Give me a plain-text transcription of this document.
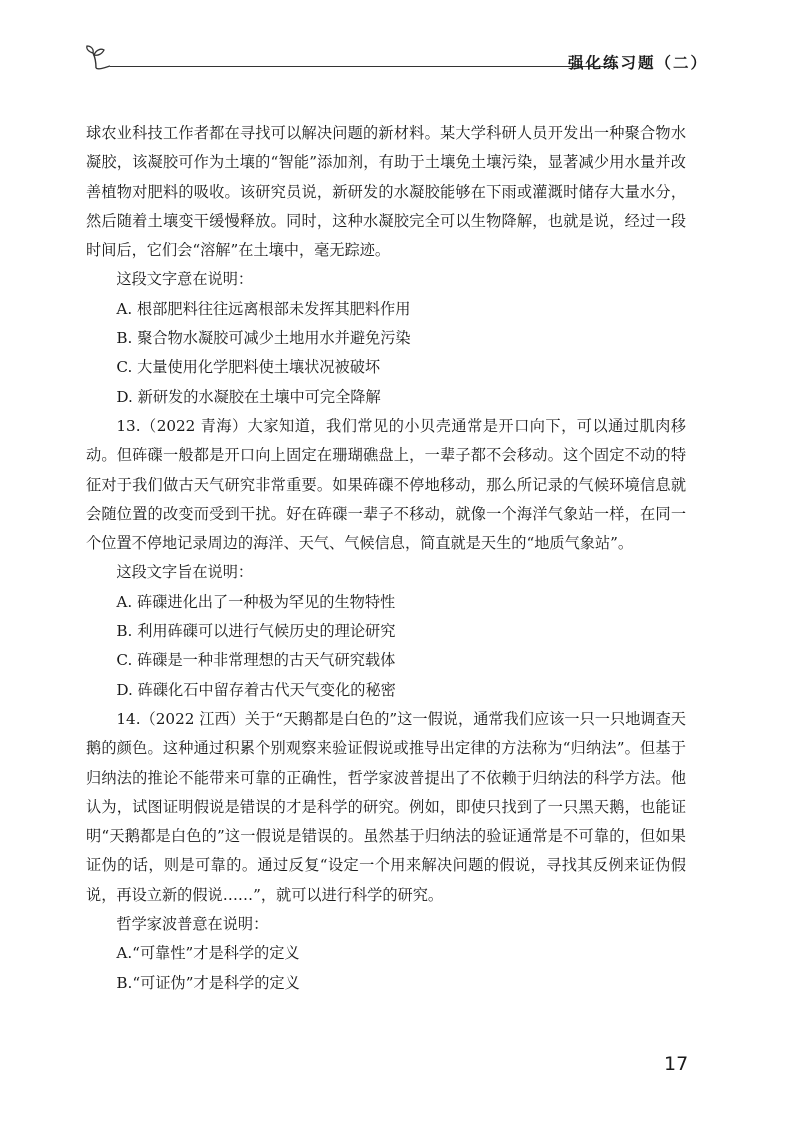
强化练习题（二）

球农业科技工作者都在寻找可以解决问题的新材料。某大学科研人员开发出一种聚合物水凝胶，该凝胶可作为土壤的“智能”添加剂，有助于土壤免土壤污染，显著减少用水量并改善植物对肥料的吸收。该研究员说，新研发的水凝胶能够在下雨或灌溉时储存大量水分，然后随着土壤变干缓慢释放。同时，这种水凝胶完全可以生物降解，也就是说，经过一段时间后，它们会“溶解”在土壤中，毫无踪迹。

这段文字意在说明：

A. 根部肥料往往远离根部未发挥其肥料作用

B. 聚合物水凝胶可减少土地用水并避免污染

C. 大量使用化学肥料使土壤状况被破坏

D. 新研发的水凝胶在土壤中可完全降解

13.（2022 青海）大家知道，我们常见的小贝壳通常是开口向下，可以通过肌肉移动。但砗磲一般都是开口向上固定在珊瑚礁盘上，一辈子都不会移动。这个固定不动的特征对于我们做古天气研究非常重要。如果砗磲不停地移动，那么所记录的气候环境信息就会随位置的改变而受到干扰。好在砗磲一辈子不移动，就像一个海洋气象站一样，在同一个位置不停地记录周边的海洋、天气、气候信息，简直就是天生的“地质气象站”。

这段文字旨在说明：

A. 砗磲进化出了一种极为罕见的生物特性

B. 利用砗磲可以进行气候历史的理论研究

C. 砗磲是一种非常理想的古天气研究载体

D. 砗磲化石中留存着古代天气变化的秘密

14.（2022 江西）关于“天鹅都是白色的”这一假说，通常我们应该一只一只地调查天鹅的颜色。这种通过积累个别观察来验证假说或推导出定律的方法称为“归纳法”。但基于归纳法的推论不能带来可靠的正确性，哲学家波普提出了不依赖于归纳法的科学方法。他认为，试图证明假说是错误的才是科学的研究。例如，即使只找到了一只黑天鹅，也能证明“天鹅都是白色的”这一假说是错误的。虽然基于归纳法的验证通常是不可靠的，但如果证伪的话，则是可靠的。通过反复“设定一个用来解决问题的假说，寻找其反例来证伪假说，再设立新的假说……”，就可以进行科学的研究。

哲学家波普意在说明：

A.“可靠性”才是科学的定义

B.“可证伪”才是科学的定义

17
